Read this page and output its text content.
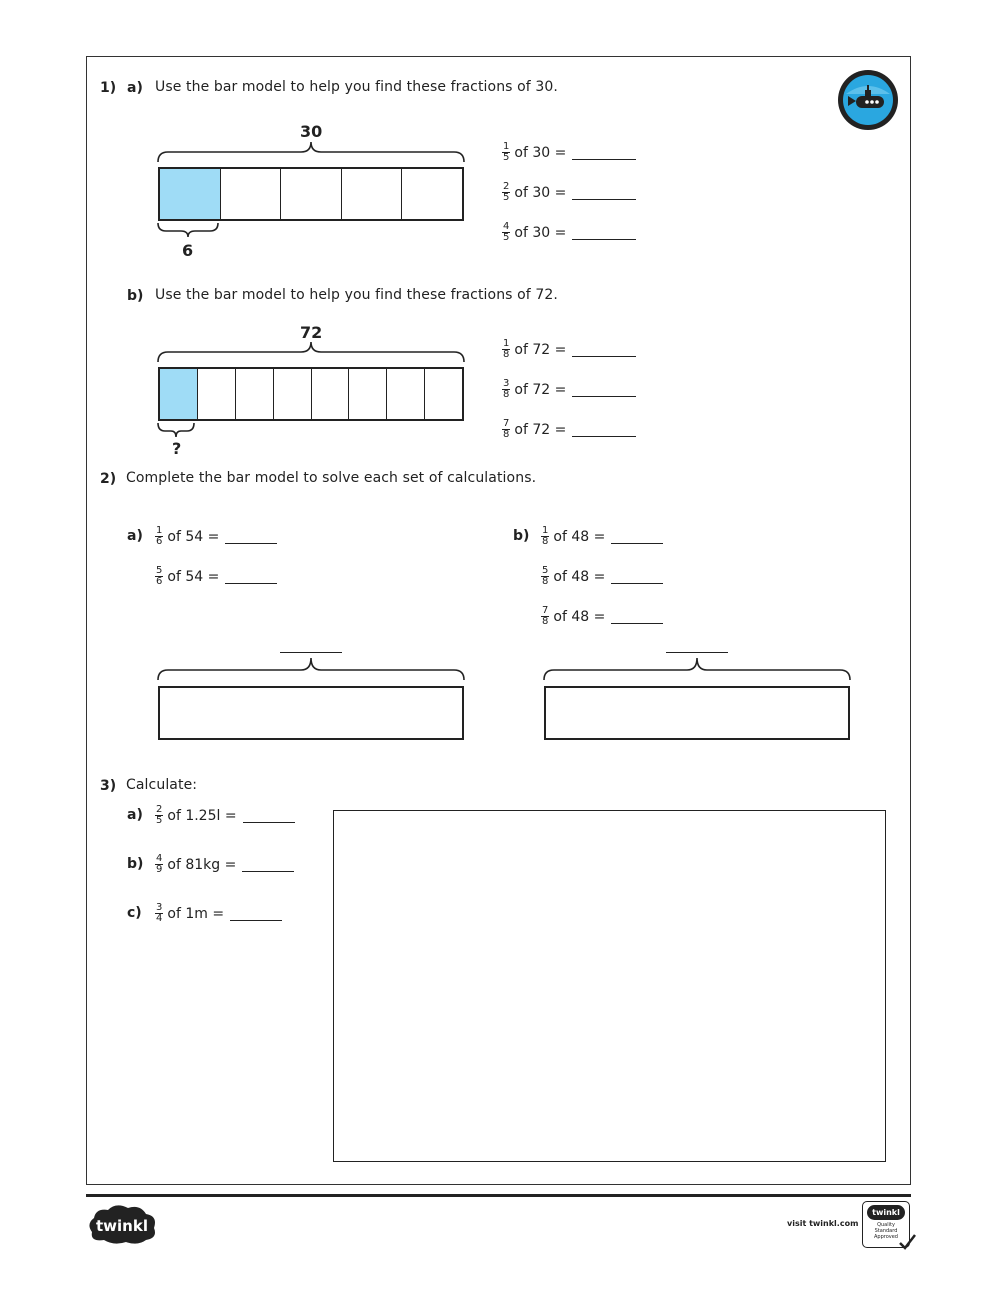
1) a) Use the bar model to help you find these fractions of 30.
30
6
$\frac{1}{5}$ of 30 =
$\frac{2}{5}$ of 30 =
$\frac{4}{5}$ of 30 =
b) Use the bar model to help you find these fractions of 72.
72
?
$\frac{1}{8}$ of 72 =
$\frac{3}{8}$ of 72 =
$\frac{7}{8}$ of 72 =
2) Complete the bar model to solve each set of calculations.
$a) \frac{1}{6}$ of 54 =
$\frac{5}{6}$ of 54 =
$b) \frac{1}{8}$ of 48 =
$\frac{5}{8}$ of 48 =
$\frac{7}{8}$ of 48 =
3) Calculate:
$a) \frac{2}{5}$ of 1.25l =
$b) \frac{4}{9}$ of 81kg =
$c) \frac{3}{4}$ of 1m =
twinkl	visit twinkl.com
twinkl
Quality Standard Approved
